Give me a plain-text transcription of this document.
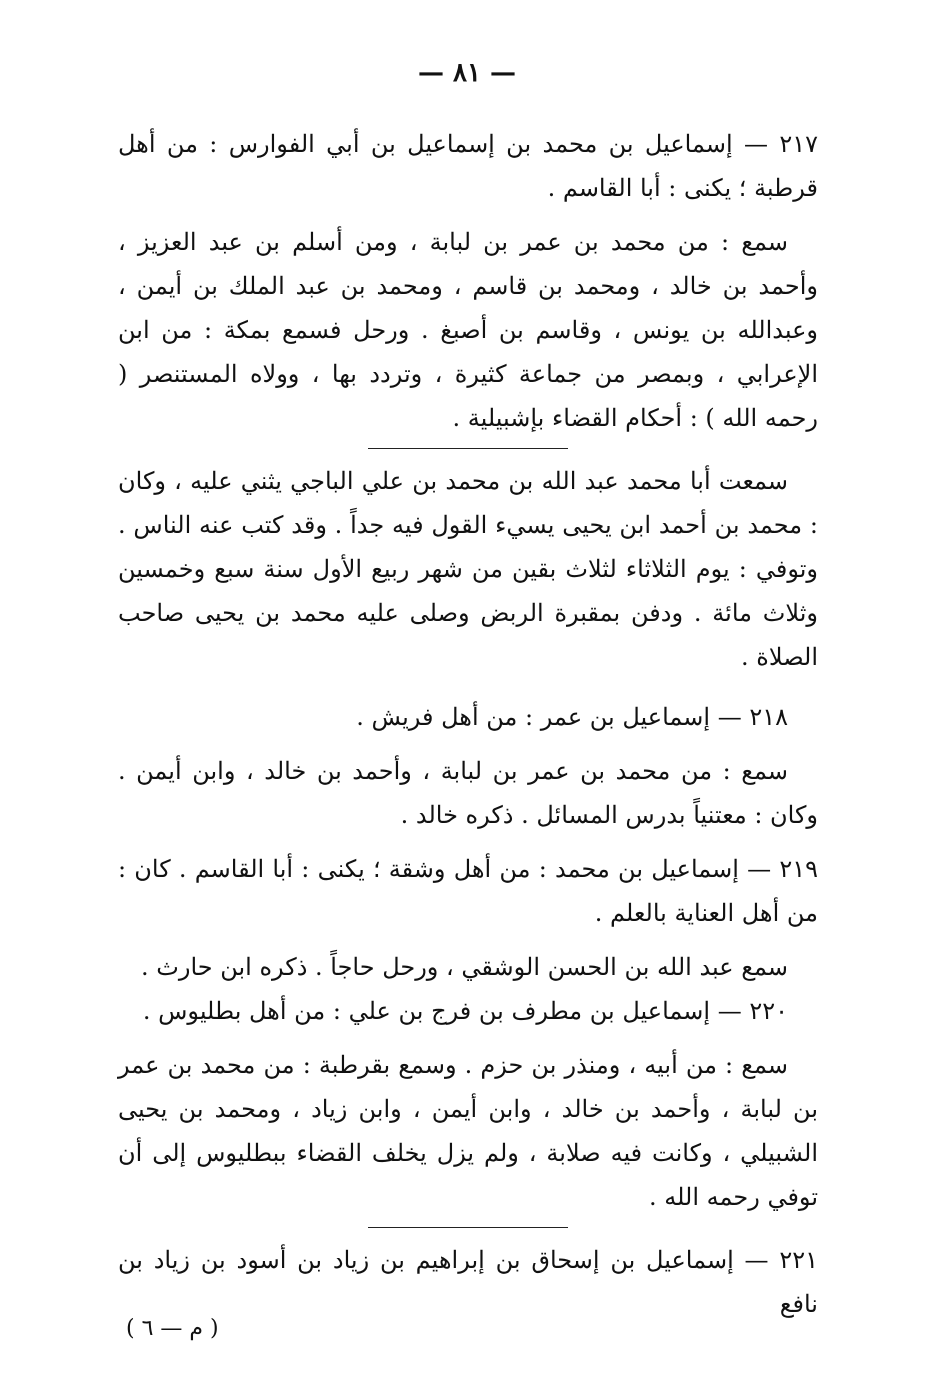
— ٨١ —

٢١٧ — إسماعيل بن محمد بن إسماعيل بن أبي الفوارس : من أهل قرطبة ؛ يكنى : أبا القاسم .

سمع : من محمد بن عمر بن لبابة ، ومن أسلم بن عبد العزيز ، وأحمد بن خالد ، ومحمد بن قاسم ، ومحمد بن عبد الملك بن أيمن ، وعبدالله بن يونس ، وقاسم بن أصبغ . ورحل فسمع بمكة : من ابن الإعرابي ، وبمصر من جماعة كثيرة ، وتردد بها ، وولاه المستنصر ( رحمه الله ) : أحكام القضاء بإشبيلية .

سمعت أبا محمد عبد الله بن محمد بن علي الباجي يثني عليه ، وكان : محمد بن أحمد ابن يحيى يسيء القول فيه جداً . وقد كتب عنه الناس . وتوفي : يوم الثلاثاء لثلاث بقين من شهر ربيع الأول سنة سبع وخمسين وثلاث مائة . ودفن بمقبرة الربض وصلى عليه محمد بن يحيى صاحب الصلاة .

٢١٨ — إسماعيل بن عمر : من أهل فريش .

سمع : من محمد بن عمر بن لبابة ، وأحمد بن خالد ، وابن أيمن . وكان : معتنياً بدرس المسائل . ذكره خالد .

٢١٩ — إسماعيل بن محمد : من أهل وشقة ؛ يكنى : أبا القاسم . كان : من أهل العناية بالعلم .

سمع عبد الله بن الحسن الوشقي ، ورحل حاجاً . ذكره ابن حارث .

٢٢٠ — إسماعيل بن مطرف بن فرج بن علي : من أهل بطليوس .

سمع : من أبيه ، ومنذر بن حزم . وسمع بقرطبة : من محمد بن عمر بن لبابة ، وأحمد بن خالد ، وابن أيمن ، وابن زياد ، ومحمد بن يحيى الشبيلي ، وكانت فيه صلابة ، ولم يزل يخلف القضاء ببطليوس إلى أن توفي رحمه الله .

٢٢١ — إسماعيل بن إسحاق بن إبراهيم بن زياد بن أسود بن زياد بن نافع

( م — ٦ )
